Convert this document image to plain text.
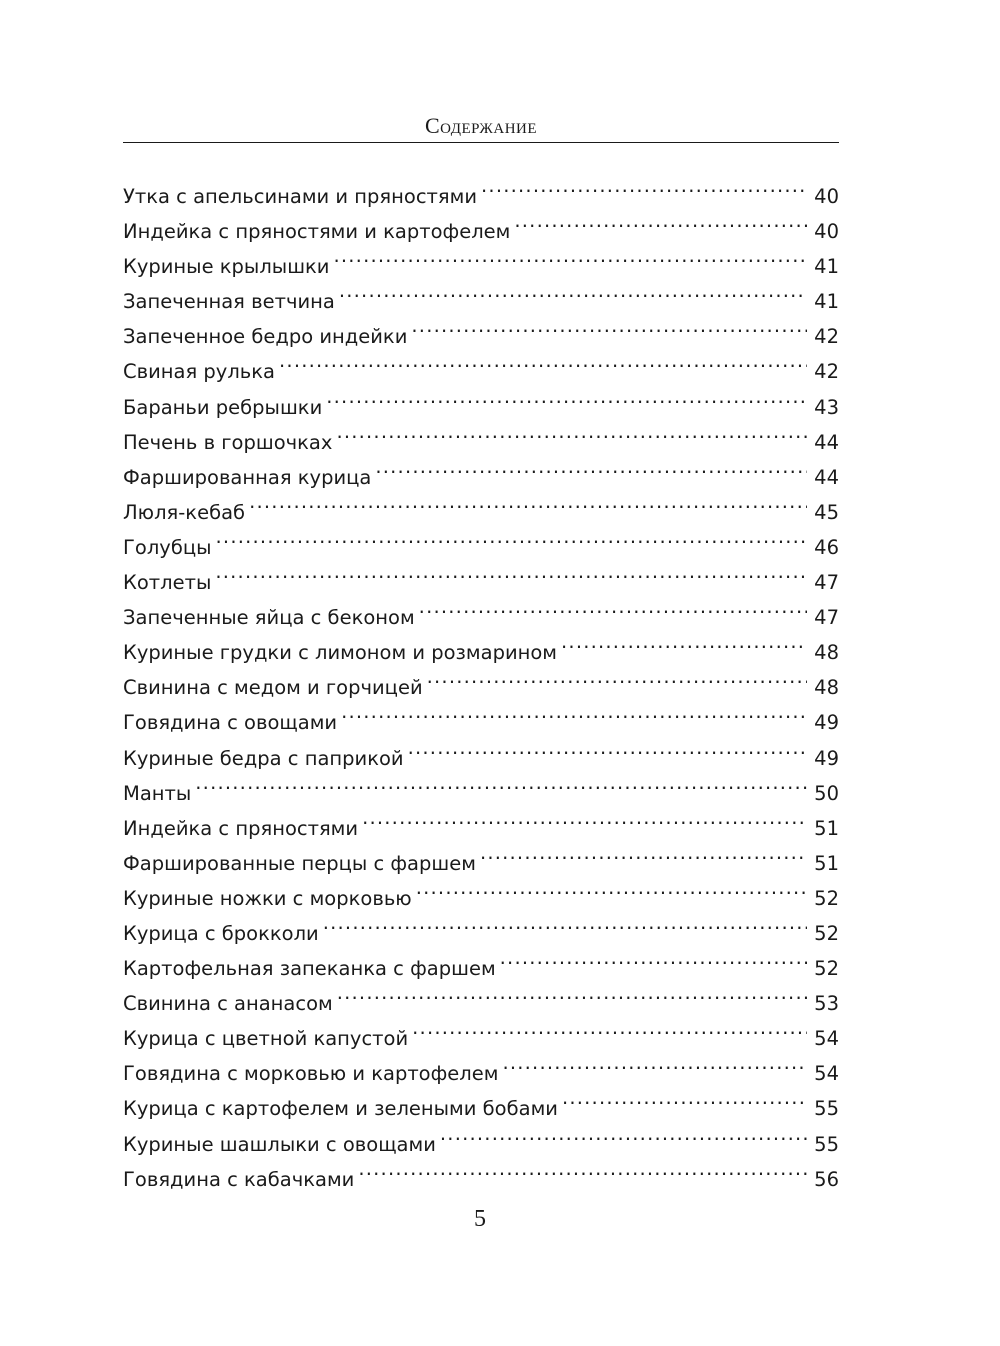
Содержание
Утка с апельсинами и пряностями .....	40
Индейка с пряностями и картофелем .....	40
Куриные крылышки .....	41
Запеченная ветчина .....	41
Запеченное бедро индейки .....	42
Свиная рулька .....	42
Бараньи ребрышки .....	43
Печень в горшочках .....	44
Фаршированная курица .....	44
Люля-кебаб .....	45
Голубцы .....	46
Котлеты .....	47
Запеченные яйца с беконом .....	47
Куриные грудки с лимоном и розмарином .....	48
Свинина с медом и горчицей .....	48
Говядина с овощами .....	49
Куриные бедра с паприкой .....	49
Манты .....	50
Индейка с пряностями .....	51
Фаршированные перцы с фаршем .....	51
Куриные ножки с морковью .....	52
Курица с брокколи .....	52
Картофельная запеканка с фаршем .....	52
Свинина с ананасом .....	53
Курица с цветной капустой .....	54
Говядина с морковью и картофелем .....	54
Курица с картофелем и зелеными бобами .....	55
Куриные шашлыки с овощами .....	55
Говядина с кабачками .....	56
5
